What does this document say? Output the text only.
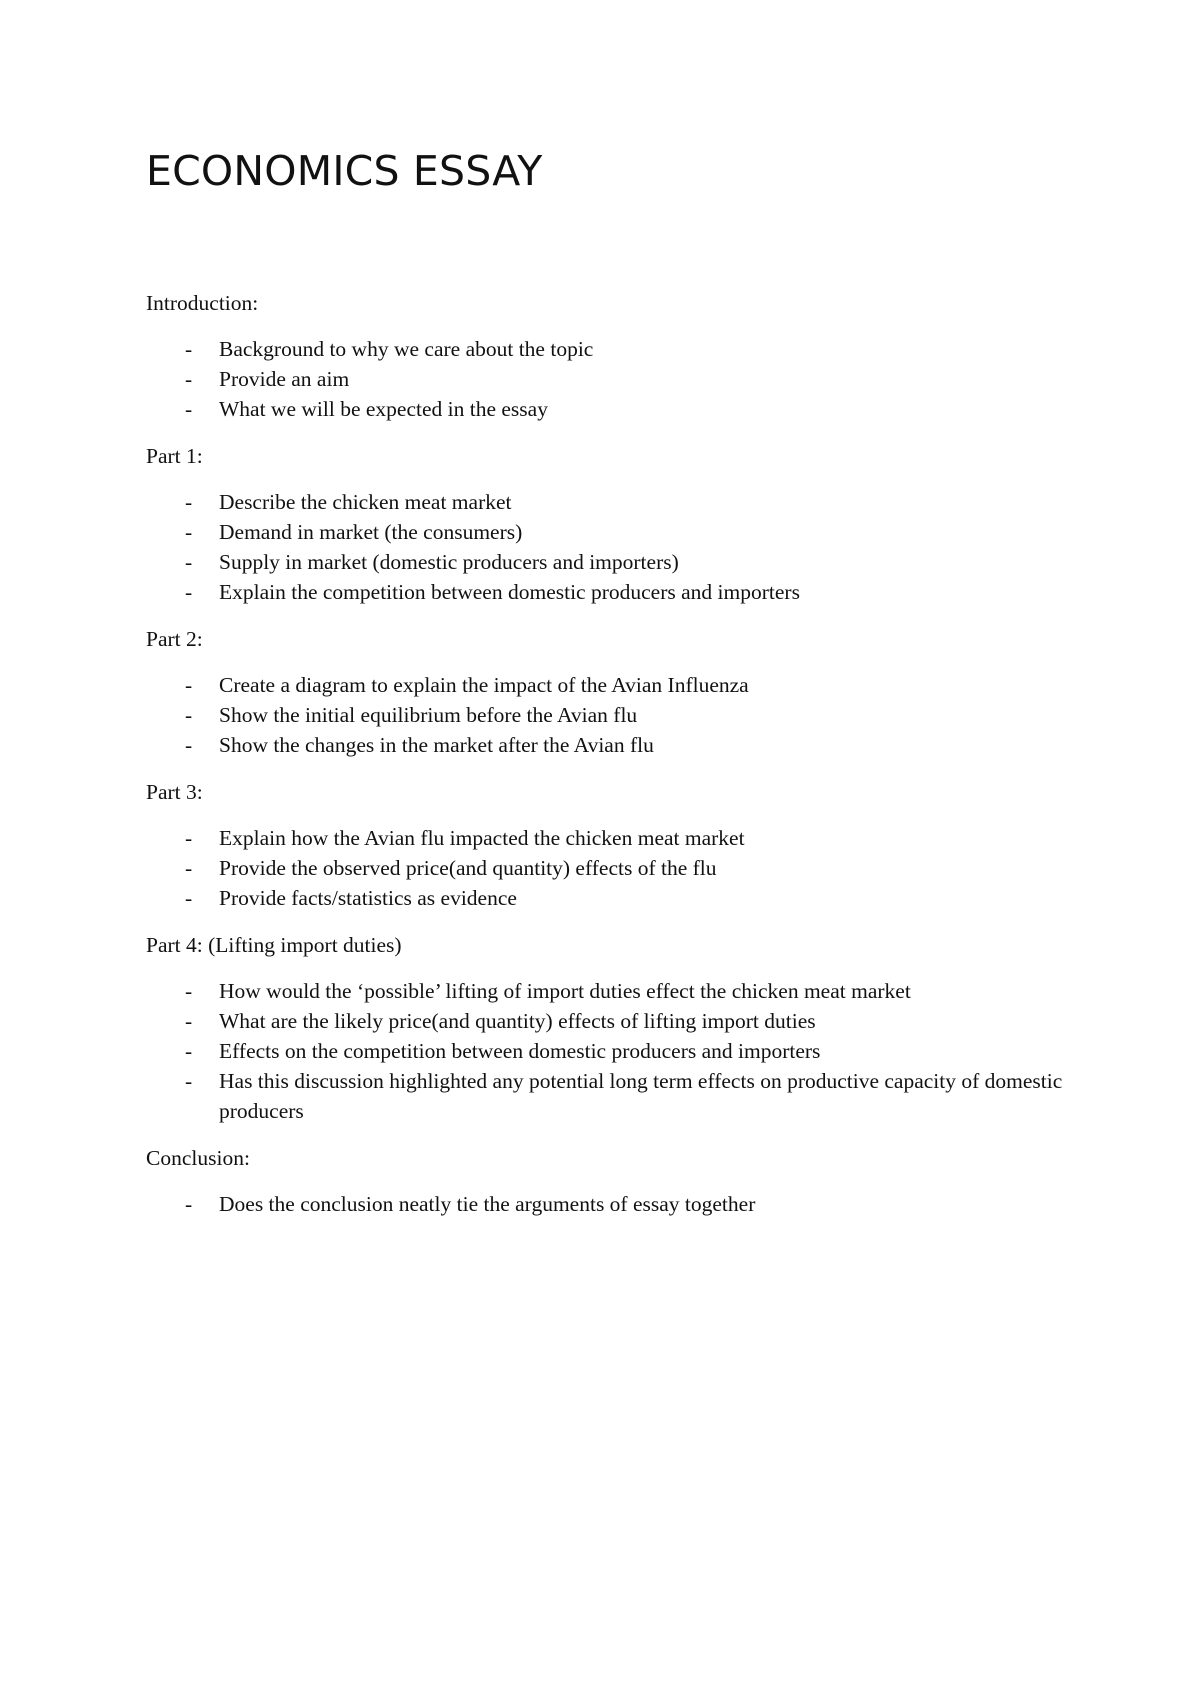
ECONOMICS ESSAY

Introduction:

- Background to why we care about the topic
- Provide an aim
- What we will be expected in the essay

Part 1:

- Describe the chicken meat market
- Demand in market (the consumers)
- Supply in market (domestic producers and importers)
- Explain the competition between domestic producers and importers

Part 2:

- Create a diagram to explain the impact of the Avian Influenza
- Show the initial equilibrium before the Avian flu
- Show the changes in the market after the Avian flu

Part 3:

- Explain how the Avian flu impacted the chicken meat market
- Provide the observed price(and quantity) effects of the flu
- Provide facts/statistics as evidence

Part 4: (Lifting import duties)

- How would the ‘possible’ lifting of import duties effect the chicken meat market
- What are the likely price(and quantity) effects of lifting import duties
- Effects on the competition between domestic producers and importers
- Has this discussion highlighted any potential long term effects on productive capacity of domestic producers

Conclusion:

- Does the conclusion neatly tie the arguments of essay together
